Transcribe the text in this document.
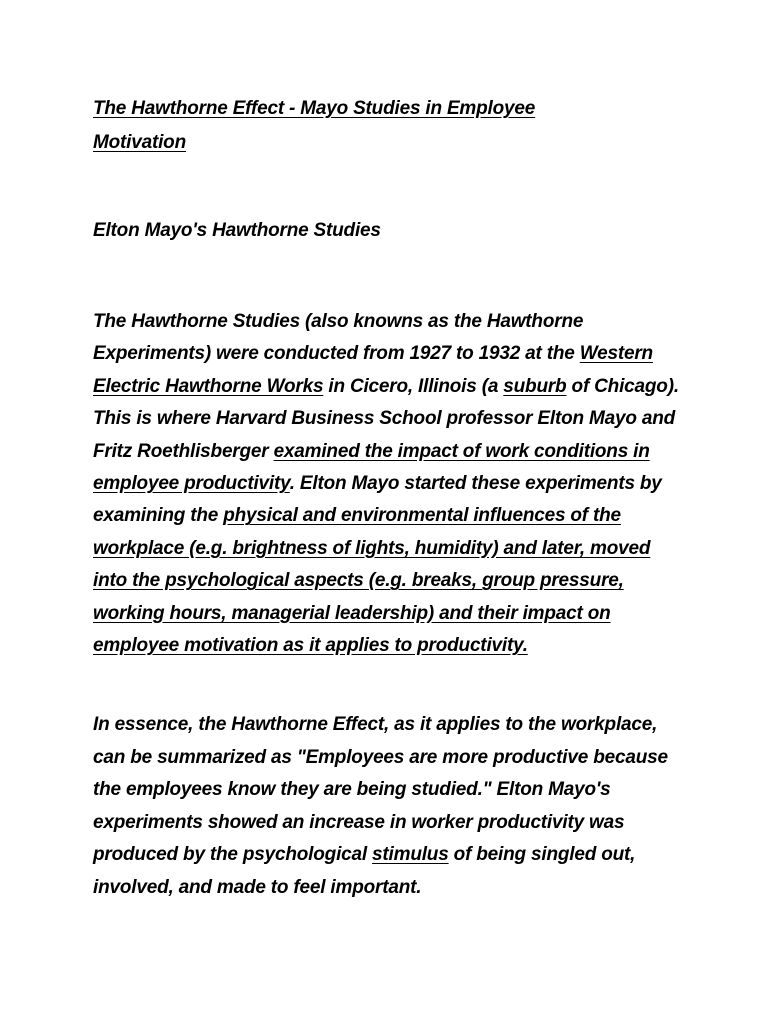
The Hawthorne Effect - Mayo Studies in Employee
Motivation
Elton Mayo's Hawthorne Studies

The Hawthorne Studies (also knowns as the Hawthorne Experiments) were conducted from 1927 to 1932 at the Western Electric Hawthorne Works in Cicero, Illinois (a suburb of Chicago). This is where Harvard Business School professor Elton Mayo and Fritz Roethlisberger examined the impact of work conditions in employee productivity. Elton Mayo started these experiments by examining the physical and environmental influences of the workplace (e.g. brightness of lights, humidity) and later, moved into the psychological aspects (e.g. breaks, group pressure, working hours, managerial leadership) and their impact on employee motivation as it applies to productivity.

In essence, the Hawthorne Effect, as it applies to the workplace, can be summarized as "Employees are more productive because the employees know they are being studied." Elton Mayo's experiments showed an increase in worker productivity was produced by the psychological stimulus of being singled out, involved, and made to feel important.
